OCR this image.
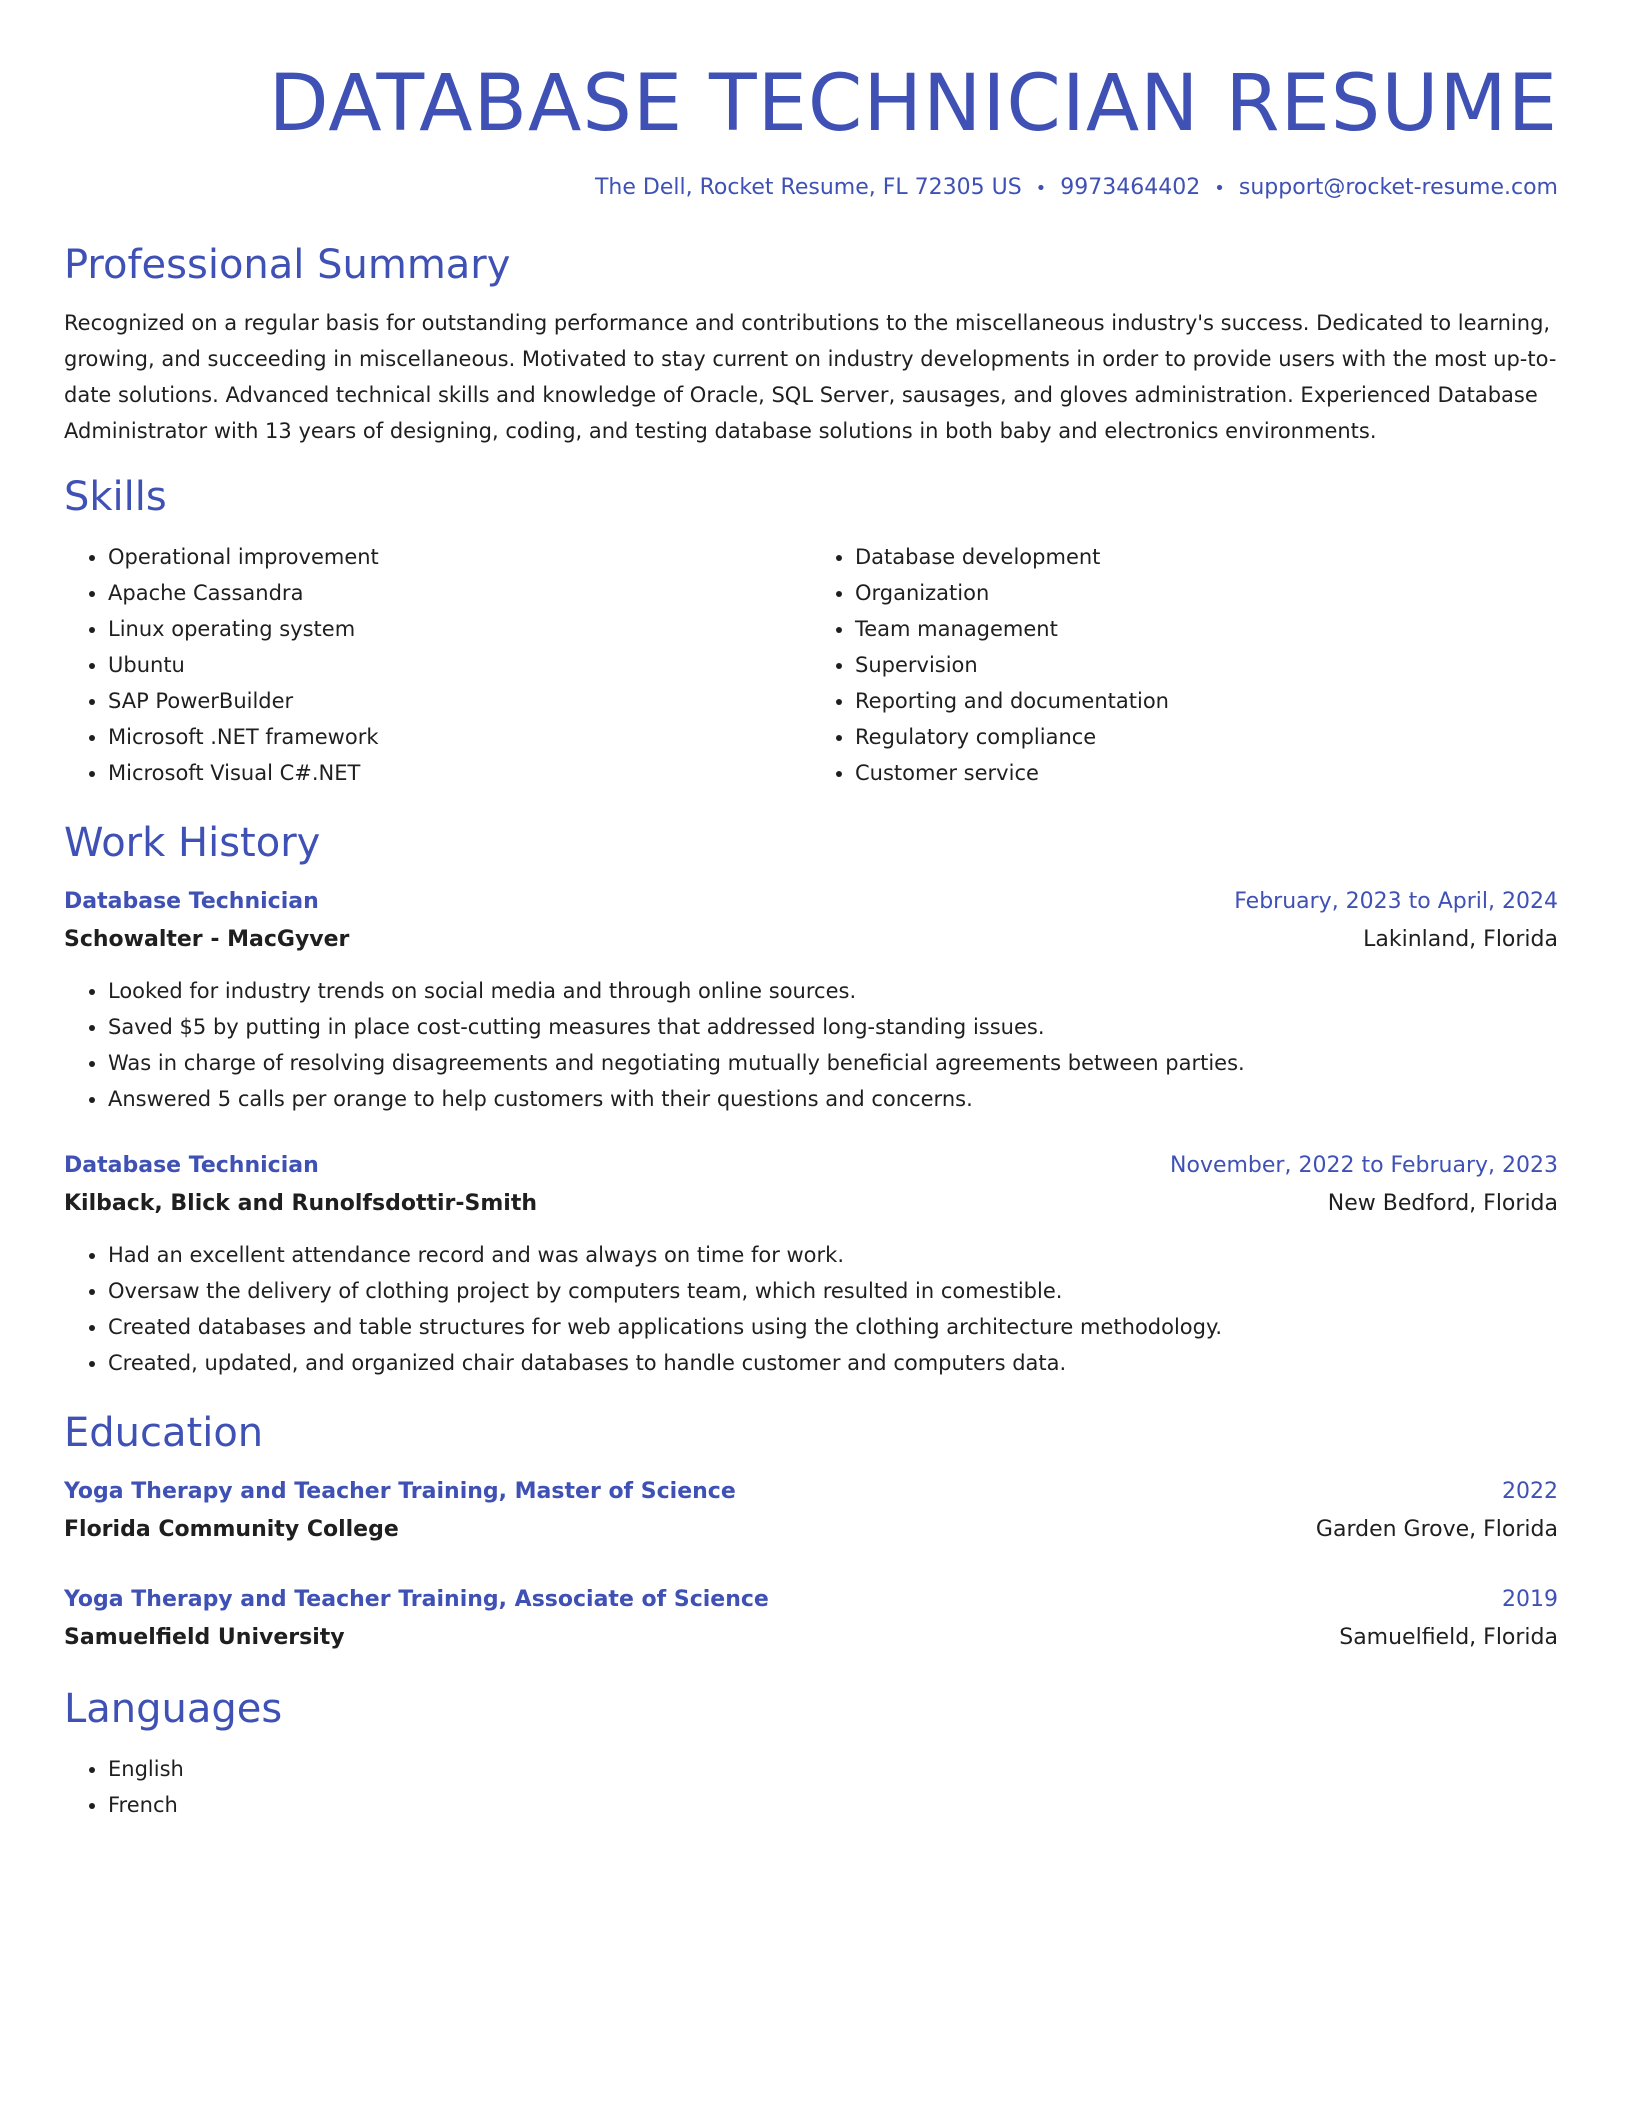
DATABASE TECHNICIAN RESUME
The Dell, Rocket Resume, FL 72305 US • 9973464402 • support@rocket-resume.com
Professional Summary

Recognized on a regular basis for outstanding performance and contributions to the miscellaneous industry's success. Dedicated to learning, growing, and succeeding in miscellaneous. Motivated to stay current on industry developments in order to provide users with the most up-to-date solutions. Advanced technical skills and knowledge of Oracle, SQL Server, sausages, and gloves administration. Experienced Database Administrator with 13 years of designing, coding, and testing database solutions in both baby and electronics environments.

Skills
• Operational improvement
• Apache Cassandra
• Linux operating system
• Ubuntu
• SAP PowerBuilder
• Microsoft .NET framework
• Microsoft Visual C#.NET
• Database development
• Organization
• Team management
• Supervision
• Reporting and documentation
• Regulatory compliance
• Customer service
Work History
Database Technician	February, 2023 to April, 2024
Schowalter - MacGyver	Lakinland, Florida
• Looked for industry trends on social media and through online sources.
• Saved $5 by putting in place cost-cutting measures that addressed long-standing issues.
• Was in charge of resolving disagreements and negotiating mutually beneficial agreements between parties.
• Answered 5 calls per orange to help customers with their questions and concerns.
Database Technician	November, 2022 to February, 2023
Kilback, Blick and Runolfsdottir-Smith	New Bedford, Florida
• Had an excellent attendance record and was always on time for work.
• Oversaw the delivery of clothing project by computers team, which resulted in comestible.
• Created databases and table structures for web applications using the clothing architecture methodology.
• Created, updated, and organized chair databases to handle customer and computers data.
Education
Yoga Therapy and Teacher Training, Master of Science	2022
Florida Community College	Garden Grove, Florida
Yoga Therapy and Teacher Training, Associate of Science	2019
Samuelfield University	Samuelfield, Florida
Languages
• English
• French
